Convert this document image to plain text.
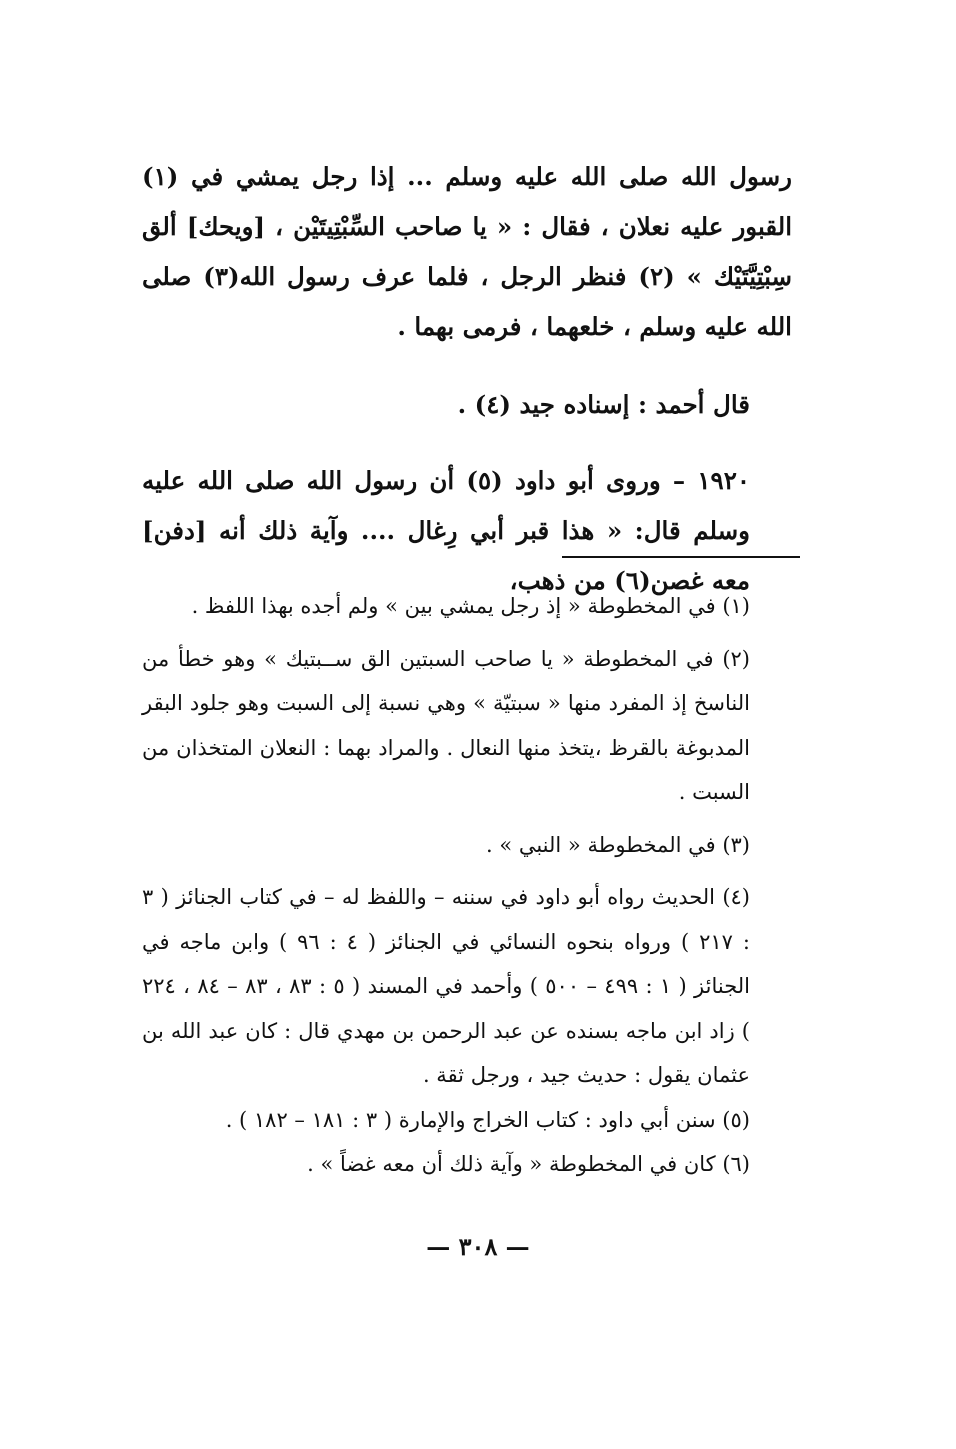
رسول الله صلى الله عليه وسلم ... إذا رجل يمشي في (١) القبور عليه نعلان ، فقال : « يا صاحب السِّبْتِيتَيْن ، [ويحك] ألق سِبْتِيَّتَيْك » (٢) فنظر الرجل ، فلما عرف رسول الله(٣) صلى الله عليه وسلم ، خلعهما ، فرمى بهما .

قال أحمد : إسناده جيد (٤) .

١٩٢٠ – وروى أبو داود (٥) أن رسول الله صلى الله عليه وسلم قال: « هذا قبر أبي رِغال .... وآية ذلك أنه [دفن] معه غصن(٦) من ذهب،

(١) في المخطوطة « إذ رجل يمشي بين » ولم أجده بهذا اللفظ .

(٢) في المخطوطة « يا صاحب السبتين الق ســبتيك » وهو خطأ من الناسخ إذ المفرد منها « سبتيّة » وهي نسبة إلى السبت وهو جلود البقر المدبوغة بالقرظ ،يتخذ منها النعال . والمراد بهما : النعلان المتخذان من السبت .

(٣) في المخطوطة « النبي » .

(٤) الحديث رواه أبو داود في سننه – واللفظ له – في كتاب الجنائز ( ٣ : ٢١٧ ) ورواه بنحوه النسائي في الجنائز ( ٤ : ٩٦ ) وابن ماجه في الجنائز ( ١ : ٤٩٩ – ٥٠٠ ) وأحمد في المسند ( ٥ : ٨٣ ، ٨٣ – ٨٤ ، ٢٢٤ ) زاد ابن ماجه بسنده عن عبد الرحمن بن مهدي قال : كان عبد الله بن عثمان يقول : حديث جيد ، ورجل ثقة .

(٥) سنن أبي داود : كتاب الخراج والإمارة ( ٣ : ١٨١ – ١٨٢ ) .

(٦) كان في المخطوطة « وآية ذلك أن معه غضاً » .

— ٣٠٨ —
